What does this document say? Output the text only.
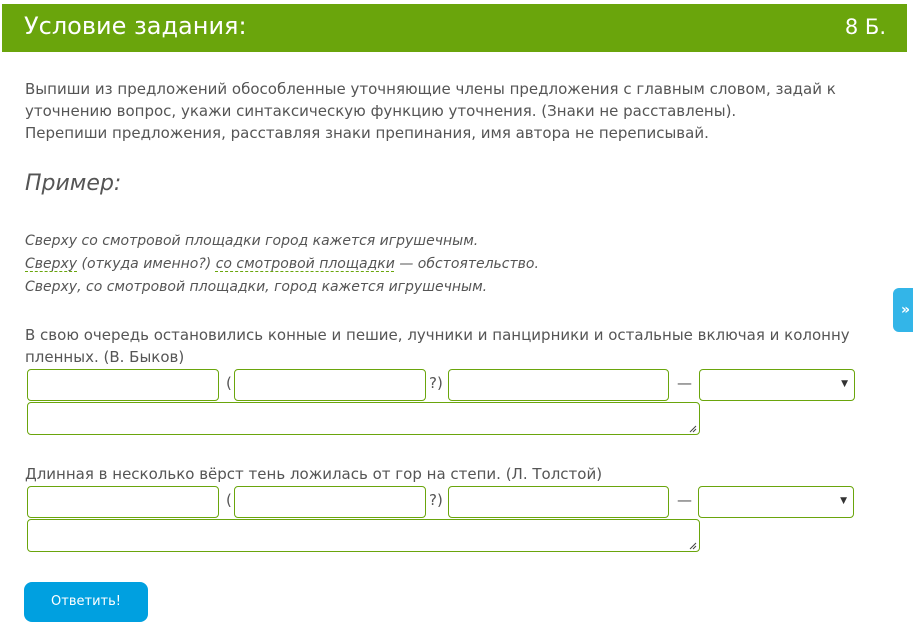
Условие задания:	8 Б.
Выпиши из предложений обособленные уточняющие члены предложения с главным словом, задай к уточнению вопрос, укажи синтаксическую функцию уточнения. (Знаки не расставлены).
Перепиши предложения, расставляя знаки препинания, имя автора не переписывай.
Пример:
Сверху со смотровой площадки город кажется игрушечным.
Сверху (откуда именно?) со смотровой площадки — обстоятельство.
Сверху, со смотровой площадки, город кажется игрушечным.
В свою очередь остановились конные и пешие, лучники и панцирники и остальные включая и колонну пленных. (В. Быков)
(	?)	—	▼
Длинная в несколько вёрст тень ложилась от гор на степи. (Л. Толстой)
(	?)	—	▼
Ответить!
»
